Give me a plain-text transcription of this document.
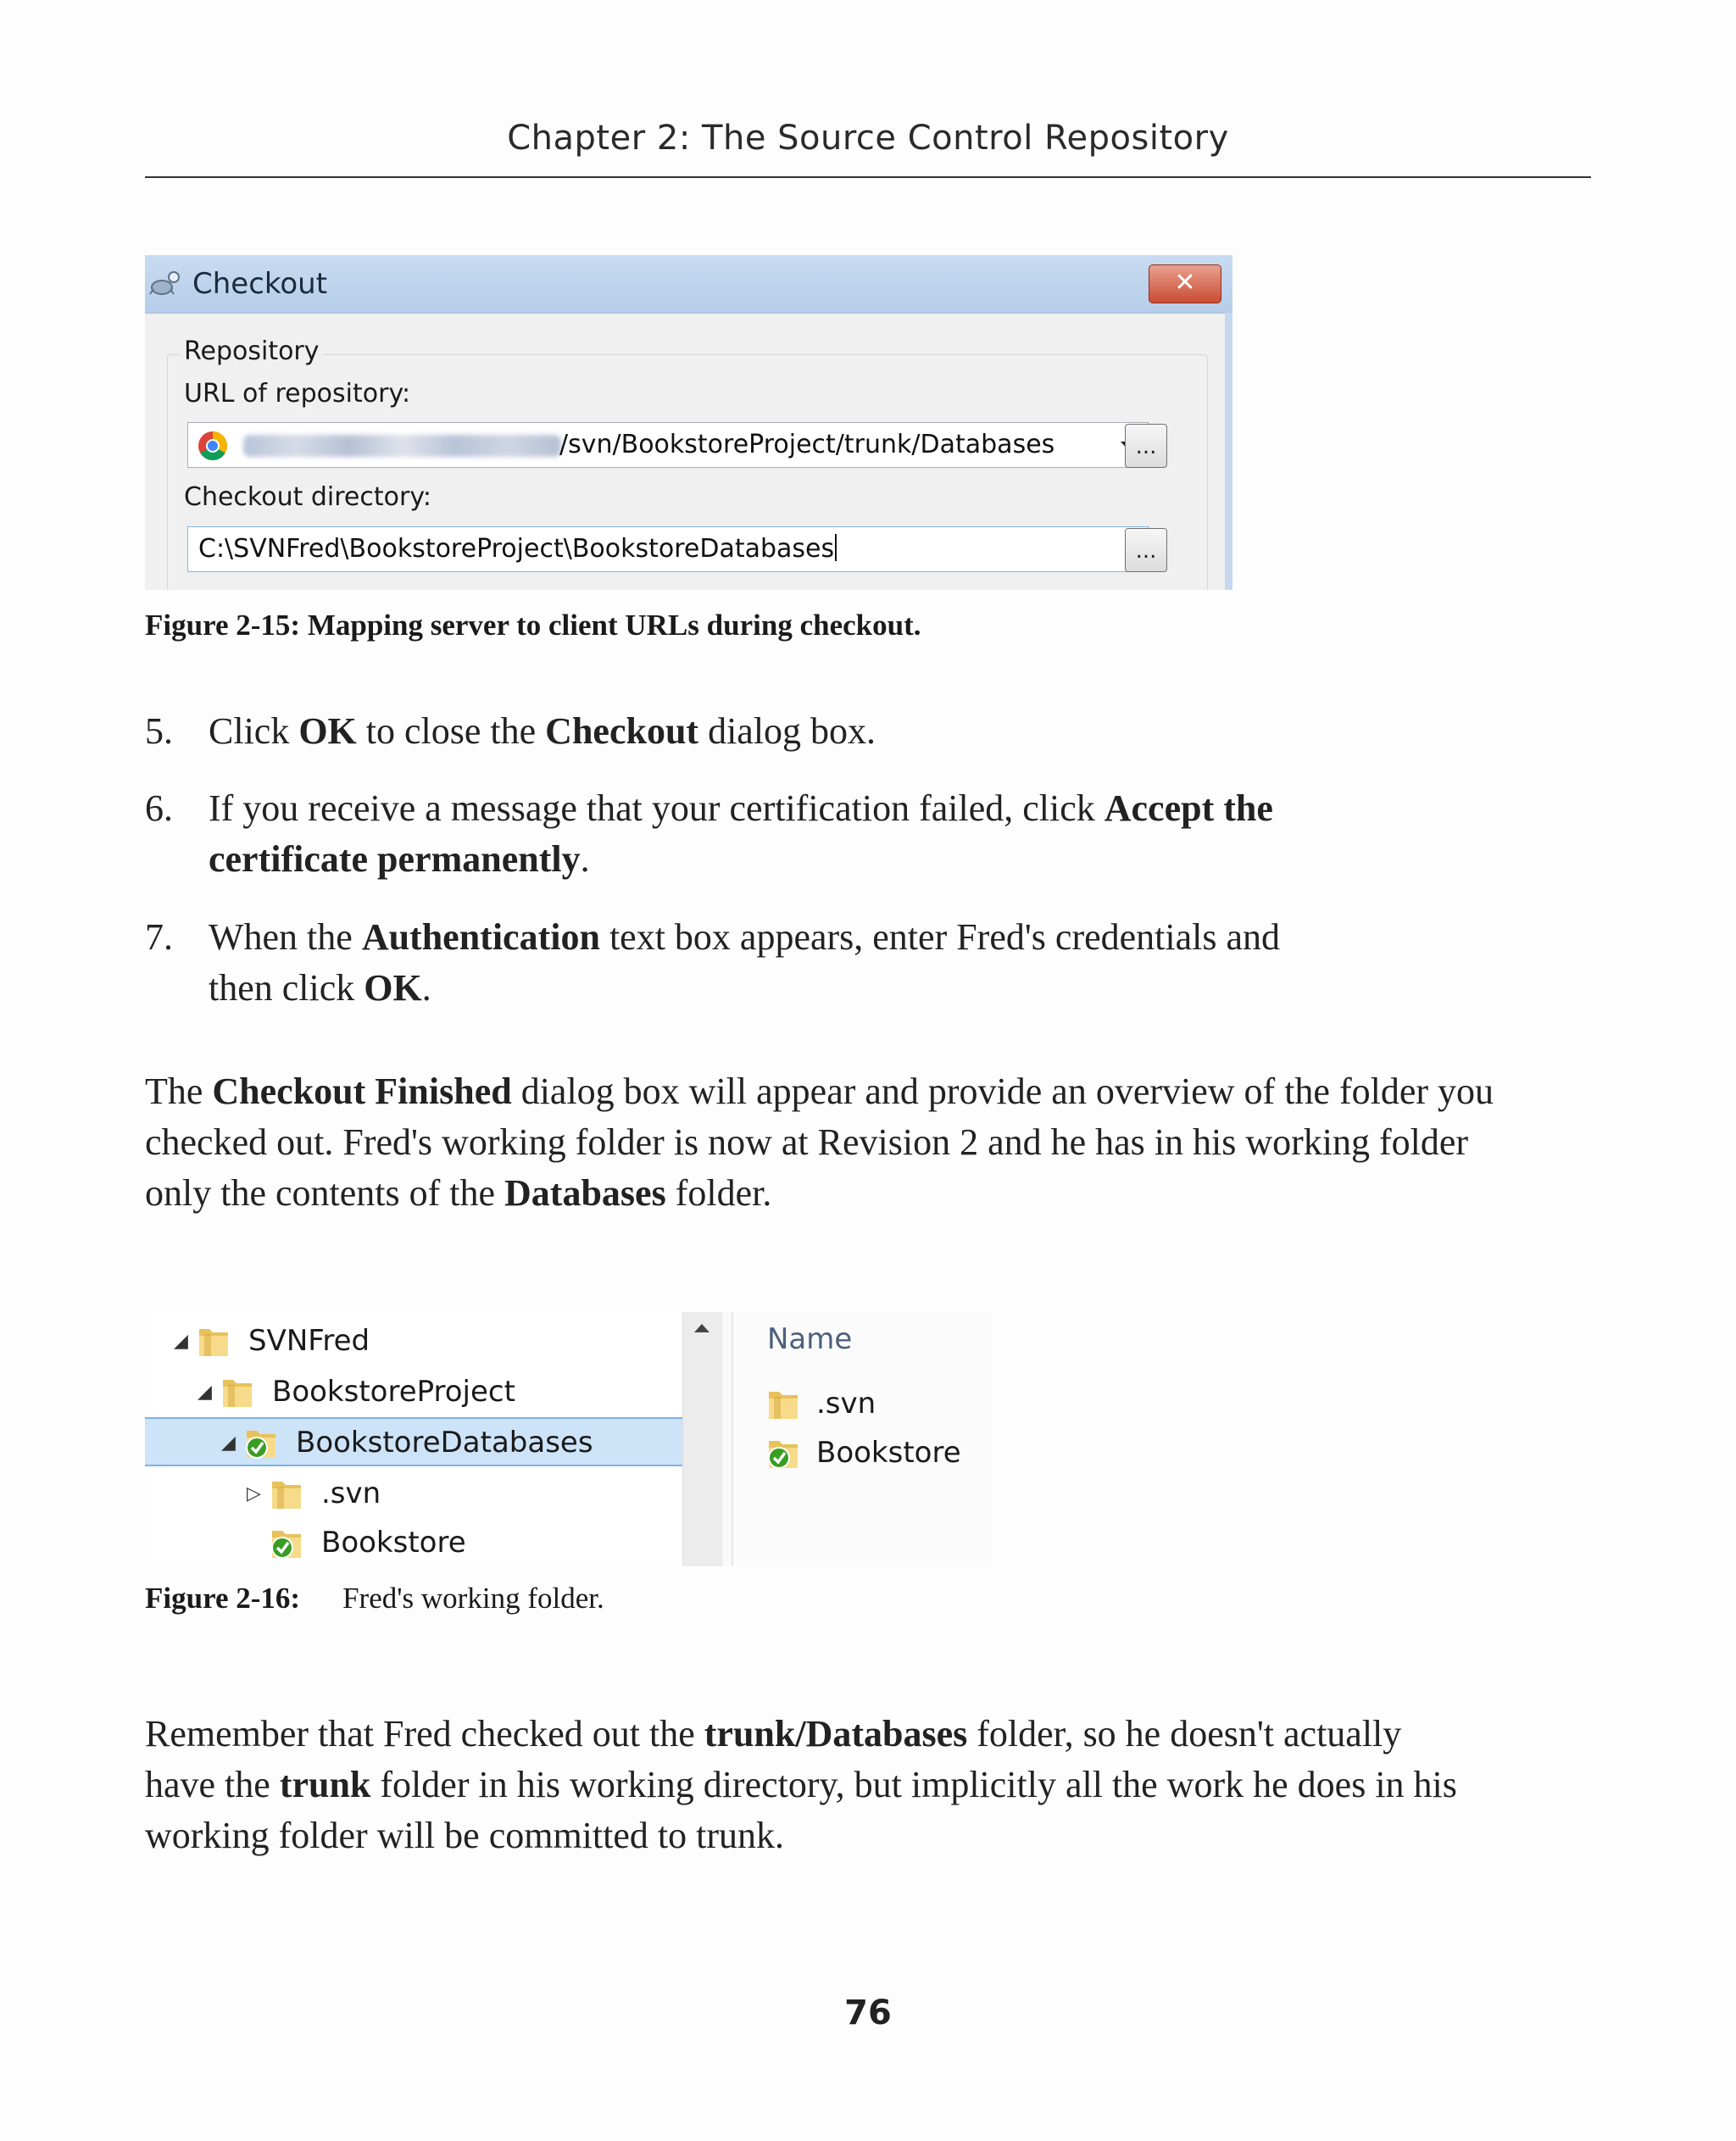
Chapter 2: The Source Control Repository
Checkout	✕
Repository
URL of repository:
/svn/BookstoreProject/trunk/Databases	...
Checkout directory:
C:\SVNFred\BookstoreProject\BookstoreDatabases	...
Figure 2-15: Mapping server to client URLs during checkout.
5. Click OK to close the Checkout dialog box.
6. If you receive a message that your certification failed, click Accept the
certificate permanently.
7. When the Authentication text box appears, enter Fred's credentials and
then click OK.

The Checkout Finished dialog box will appear and provide an overview of the folder you

checked out. Fred's working folder is now at Revision 2 and he has in his working folder

only the contents of the Databases folder.

◢ SVNFred
◢ BookstoreProject
◢ BookstoreDatabases
▷ .svn
Bookstore
Name
.svn
Bookstore
Figure 2-16: Fred's working folder.

Remember that Fred checked out the trunk/Databases folder, so he doesn't actually

have the trunk folder in his working directory, but implicitly all the work he does in his

working folder will be committed to trunk.

76
